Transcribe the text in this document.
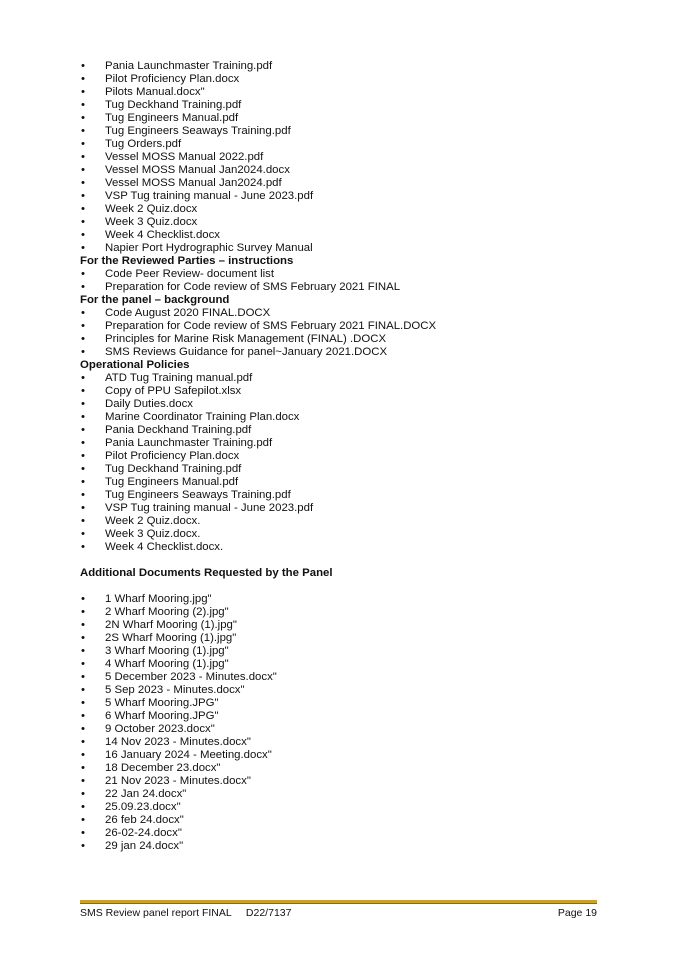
• Pania Launchmaster Training.pdf
• Pilot Proficiency Plan.docx
• Pilots Manual.docx"
• Tug Deckhand Training.pdf
• Tug Engineers Manual.pdf
• Tug Engineers Seaways Training.pdf
• Tug Orders.pdf
• Vessel MOSS Manual 2022.pdf
• Vessel MOSS Manual Jan2024.docx
• Vessel MOSS Manual Jan2024.pdf
• VSP Tug training manual - June 2023.pdf
• Week 2 Quiz.docx
• Week 3 Quiz.docx
• Week 4 Checklist.docx
• Napier Port Hydrographic Survey Manual
For the Reviewed Parties – instructions
• Code Peer Review- document list
• Preparation for Code review of SMS February 2021 FINAL
For the panel – background
• Code August 2020 FINAL.DOCX
• Preparation for Code review of SMS February 2021 FINAL.DOCX
• Principles for Marine Risk Management (FINAL) .DOCX
• SMS Reviews Guidance for panel~January 2021.DOCX
Operational Policies
• ATD Tug Training manual.pdf
• Copy of PPU Safepilot.xlsx
• Daily Duties.docx
• Marine Coordinator Training Plan.docx
• Pania Deckhand Training.pdf
• Pania Launchmaster Training.pdf
• Pilot Proficiency Plan.docx
• Tug Deckhand Training.pdf
• Tug Engineers Manual.pdf
• Tug Engineers Seaways Training.pdf
• VSP Tug training manual - June 2023.pdf
• Week 2 Quiz.docx.
• Week 3 Quiz.docx.
• Week 4 Checklist.docx.
Additional Documents Requested by the Panel
• 1 Wharf Mooring.jpg"
• 2 Wharf Mooring (2).jpg"
• 2N Wharf Mooring (1).jpg"
• 2S Wharf Mooring (1).jpg"
• 3 Wharf Mooring (1).jpg"
• 4 Wharf Mooring (1).jpg"
• 5 December 2023 - Minutes.docx"
• 5 Sep 2023 - Minutes.docx"
• 5 Wharf Mooring.JPG"
• 6 Wharf Mooring.JPG"
• 9 October 2023.docx"
• 14 Nov 2023 - Minutes.docx"
• 16 January 2024 - Meeting.docx"
• 18 December 23.docx"
• 21 Nov 2023 - Minutes.docx"
• 22 Jan 24.docx"
• 25.09.23.docx"
• 26 feb 24.docx"
• 26-02-24.docx"
• 29 jan 24.docx"
SMS Review panel report FINAL     D22/7137	Page 19
